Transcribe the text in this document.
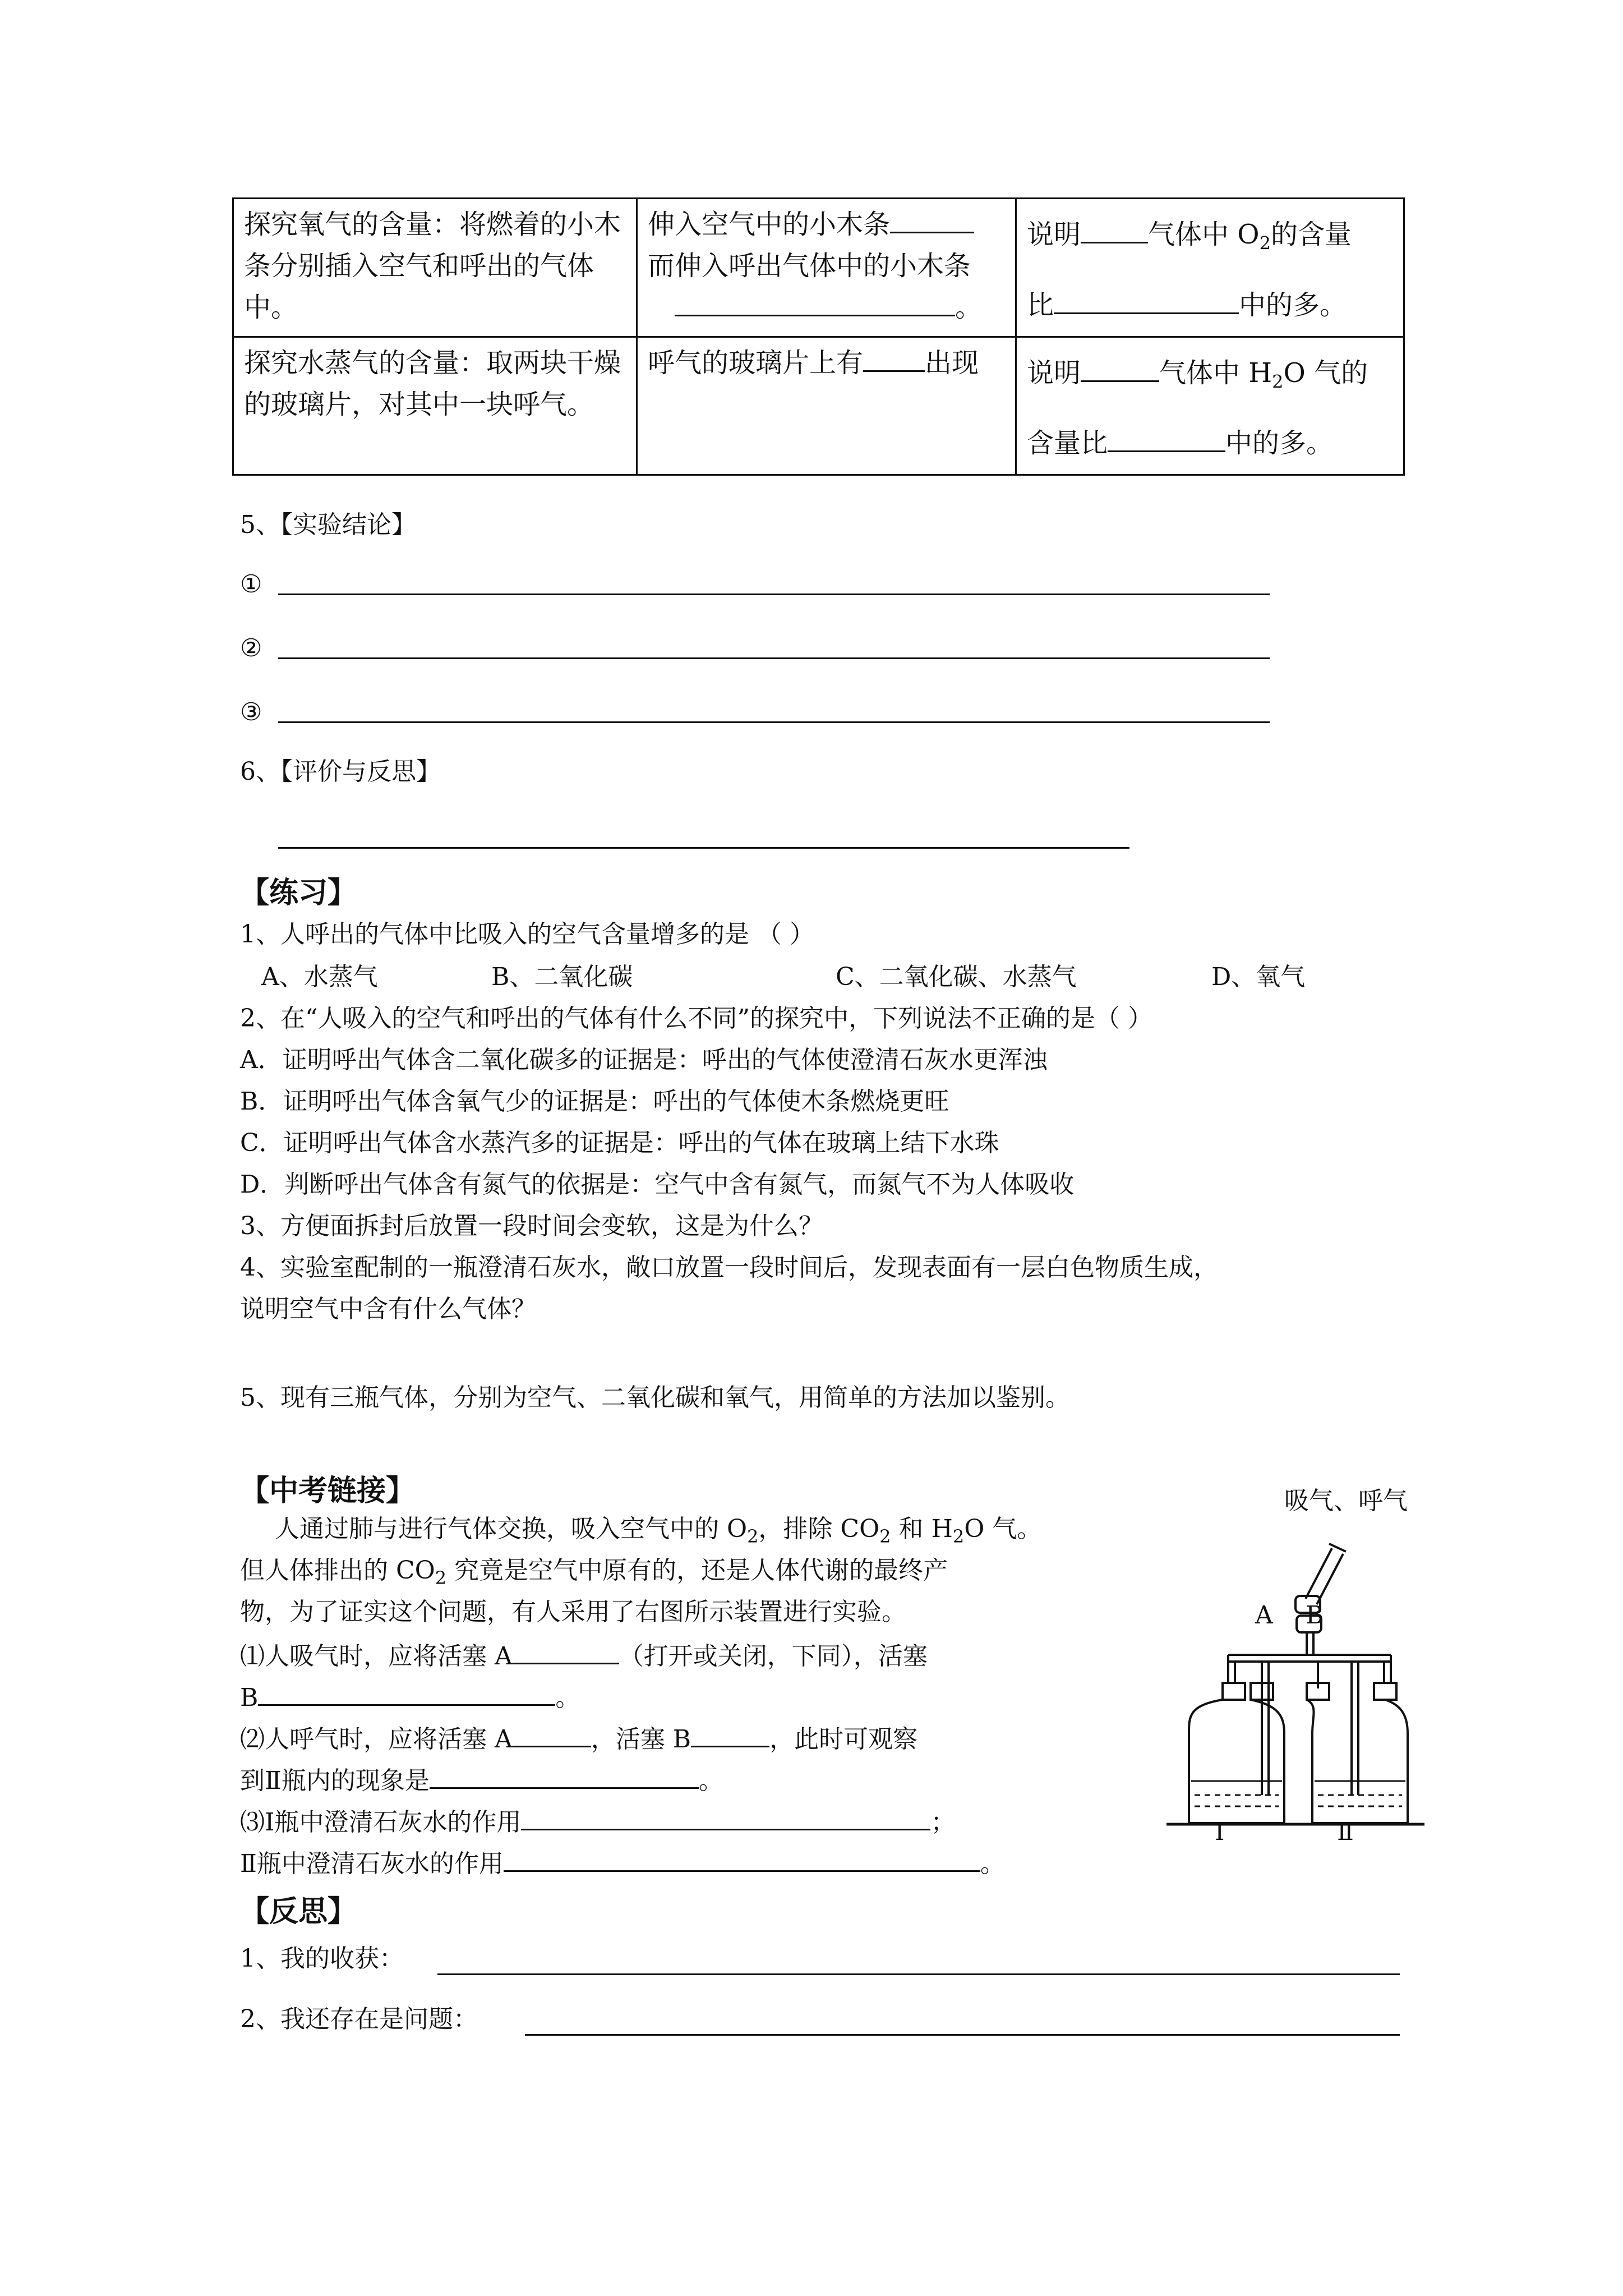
探究氧气的含量：将燃着的小木条分别插入空气和呼出的气体中。	伸入空气中的小木条
而伸入呼出气体中的小木条
。	说明 气体中 $O_2$的含量
比 中的多。
探究水蒸气的含量：取两块干燥的玻璃片，对其中一块呼气。	呼气的玻璃片上有 出现	说明 气体中 $H_2O$ 气的
含量比 中的多。
5、【实验结论】
①
②
③
6、【评价与反思】
【练习】
1、人呼出的气体中比吸入的空气含量增多的是 （ ）
A、水蒸气	B、二氧化碳	C、二氧化碳、水蒸气	D、氧气
2、在“人吸入的空气和呼出的气体有什么不同”的探究中，下列说法不正确的是（ ）
A．证明呼出气体含二氧化碳多的证据是：呼出的气体使澄清石灰水更浑浊
B．证明呼出气体含氧气少的证据是：呼出的气体使木条燃烧更旺
C．证明呼出气体含水蒸汽多的证据是：呼出的气体在玻璃上结下水珠
D．判断呼出气体含有氮气的依据是：空气中含有氮气，而氮气不为人体吸收
3、方便面拆封后放置一段时间会变软，这是为什么？
4、实验室配制的一瓶澄清石灰水，敞口放置一段时间后，发现表面有一层白色物质生成，
说明空气中含有什么气体？
5、现有三瓶气体，分别为空气、二氧化碳和氧气，用简单的方法加以鉴别。
【中考链接】
人通过肺与进行气体交换，吸入空气中的 $O_2$，排除 $CO_2$ 和 $H_2O$ 气。
但人体排出的 $CO_2$ 究竟是空气中原有的，还是人体代谢的最终产
物，为了证实这个问题，有人采用了右图所示装置进行实验。
⑴人吸气时，应将活塞 A	（打开或关闭，下同），活塞
B	。
⑵人呼气时，应将活塞 A	，活塞 B	，此时可观察
到Ⅱ瓶内的现象是	。
⑶Ⅰ瓶中澄清石灰水的作用	；
Ⅱ瓶中澄清石灰水的作用	。
吸气、呼气
A B
Ⅰ	Ⅱ
【反思】
1、我的收获：
2、我还存在是问题：
